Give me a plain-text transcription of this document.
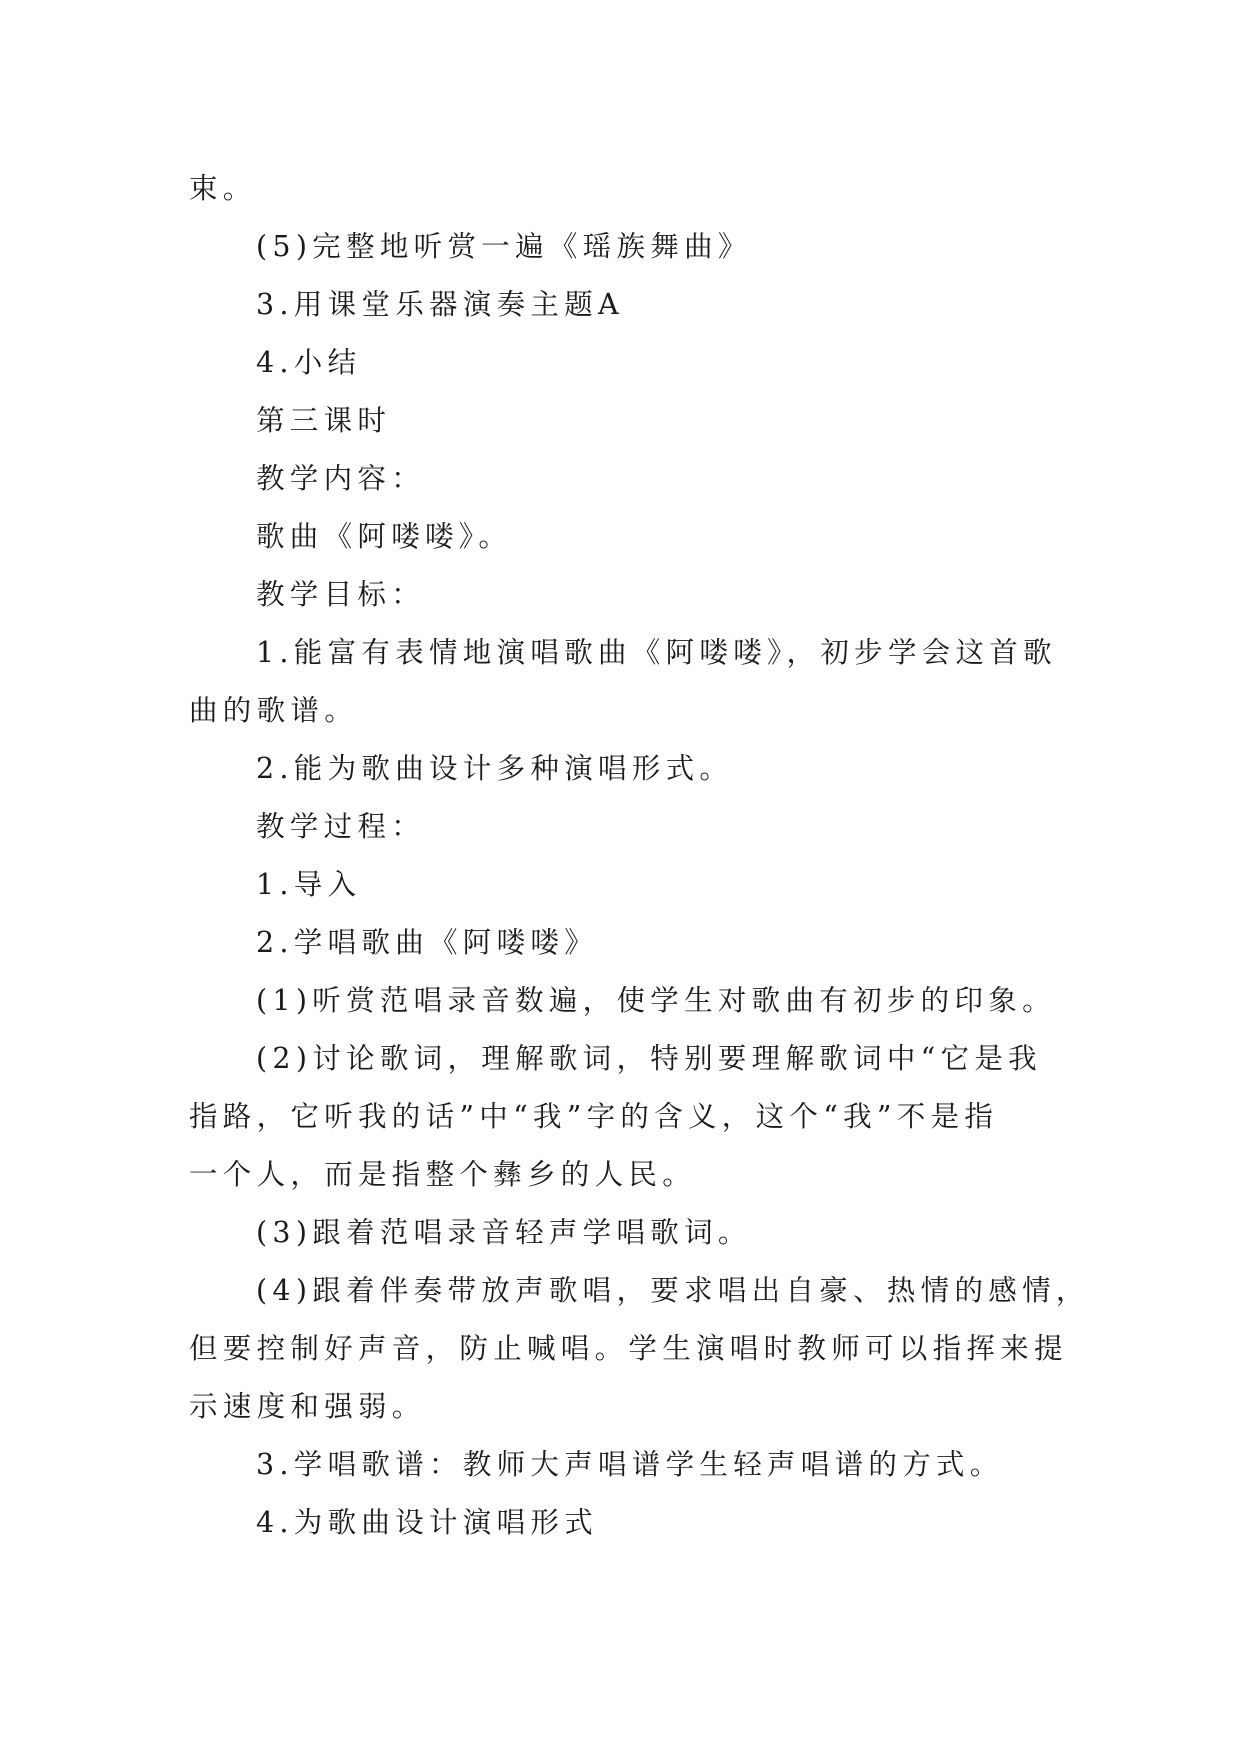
束。
(5)完整地听赏一遍《瑶族舞曲》
3.用课堂乐器演奏主题A
4.小结
第三课时
教学内容：
歌曲《阿喽喽》。
教学目标：
1.能富有表情地演唱歌曲《阿喽喽》，初步学会这首歌
曲的歌谱。
2.能为歌曲设计多种演唱形式。
教学过程：
1.导入
2.学唱歌曲《阿喽喽》
(1)听赏范唱录音数遍，使学生对歌曲有初步的印象。
(2)讨论歌词，理解歌词，特别要理解歌词中“它是我
指路，它听我的话”中“我”字的含义，这个“我”不是指
一个人，而是指整个彝乡的人民。
(3)跟着范唱录音轻声学唱歌词。
(4)跟着伴奏带放声歌唱，要求唱出自豪、热情的感情，
但要控制好声音，防止喊唱。学生演唱时教师可以指挥来提
示速度和强弱。
3.学唱歌谱：教师大声唱谱学生轻声唱谱的方式。
4.为歌曲设计演唱形式
